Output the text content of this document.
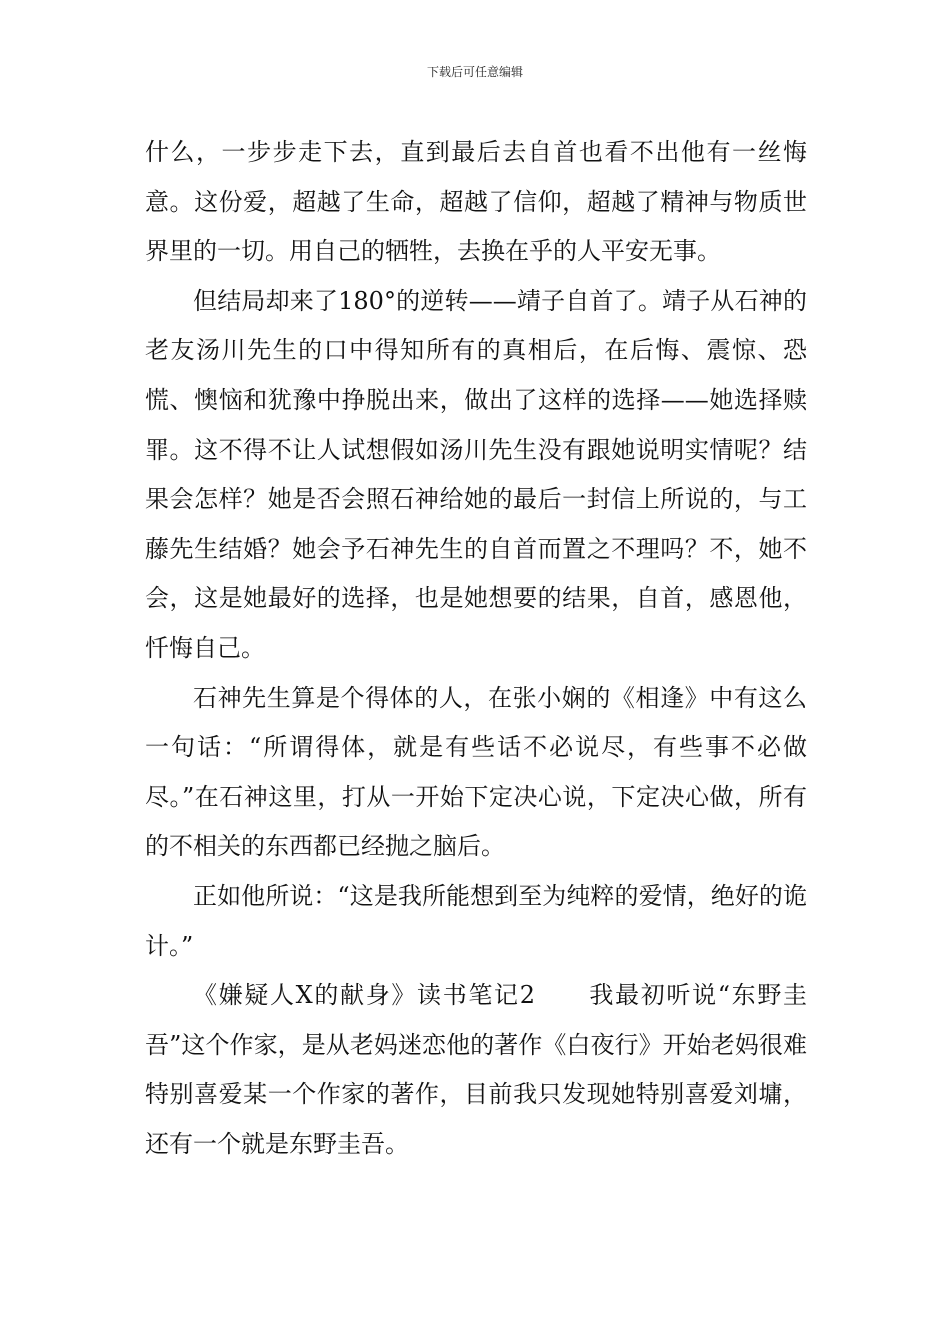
下载后可任意编辑

什么，一步步走下去，直到最后去自首也看不出他有一丝悔意。这份爱，超越了生命，超越了信仰，超越了精神与物质世界里的一切。用自己的牺牲，去换在乎的人平安无事。

但结局却来了180°的逆转——靖子自首了。靖子从石神的老友汤川先生的口中得知所有的真相后，在后悔、震惊、恐慌、懊恼和犹豫中挣脱出来，做出了这样的选择——她选择赎罪。这不得不让人试想假如汤川先生没有跟她说明实情呢？结果会怎样？她是否会照石神给她的最后一封信上所说的，与工藤先生结婚？她会予石神先生的自首而置之不理吗？不，她不会，这是她最好的选择，也是她想要的结果，自首，感恩他，忏悔自己。

石神先生算是个得体的人，在张小娴的《相逢》中有这么一句话：“所谓得体，就是有些话不必说尽，有些事不必做尽。”在石神这里，打从一开始下定决心说，下定决心做，所有的不相关的东西都已经抛之脑后。

正如他所说：“这是我所能想到至为纯粹的爱情，绝好的诡计。”

《嫌疑人X的献身》读书笔记2 我最初听说“东野圭吾”这个作家，是从老妈迷恋他的著作《白夜行》开始老妈很难特别喜爱某一个作家的著作，目前我只发现她特别喜爱刘墉，还有一个就是东野圭吾。
